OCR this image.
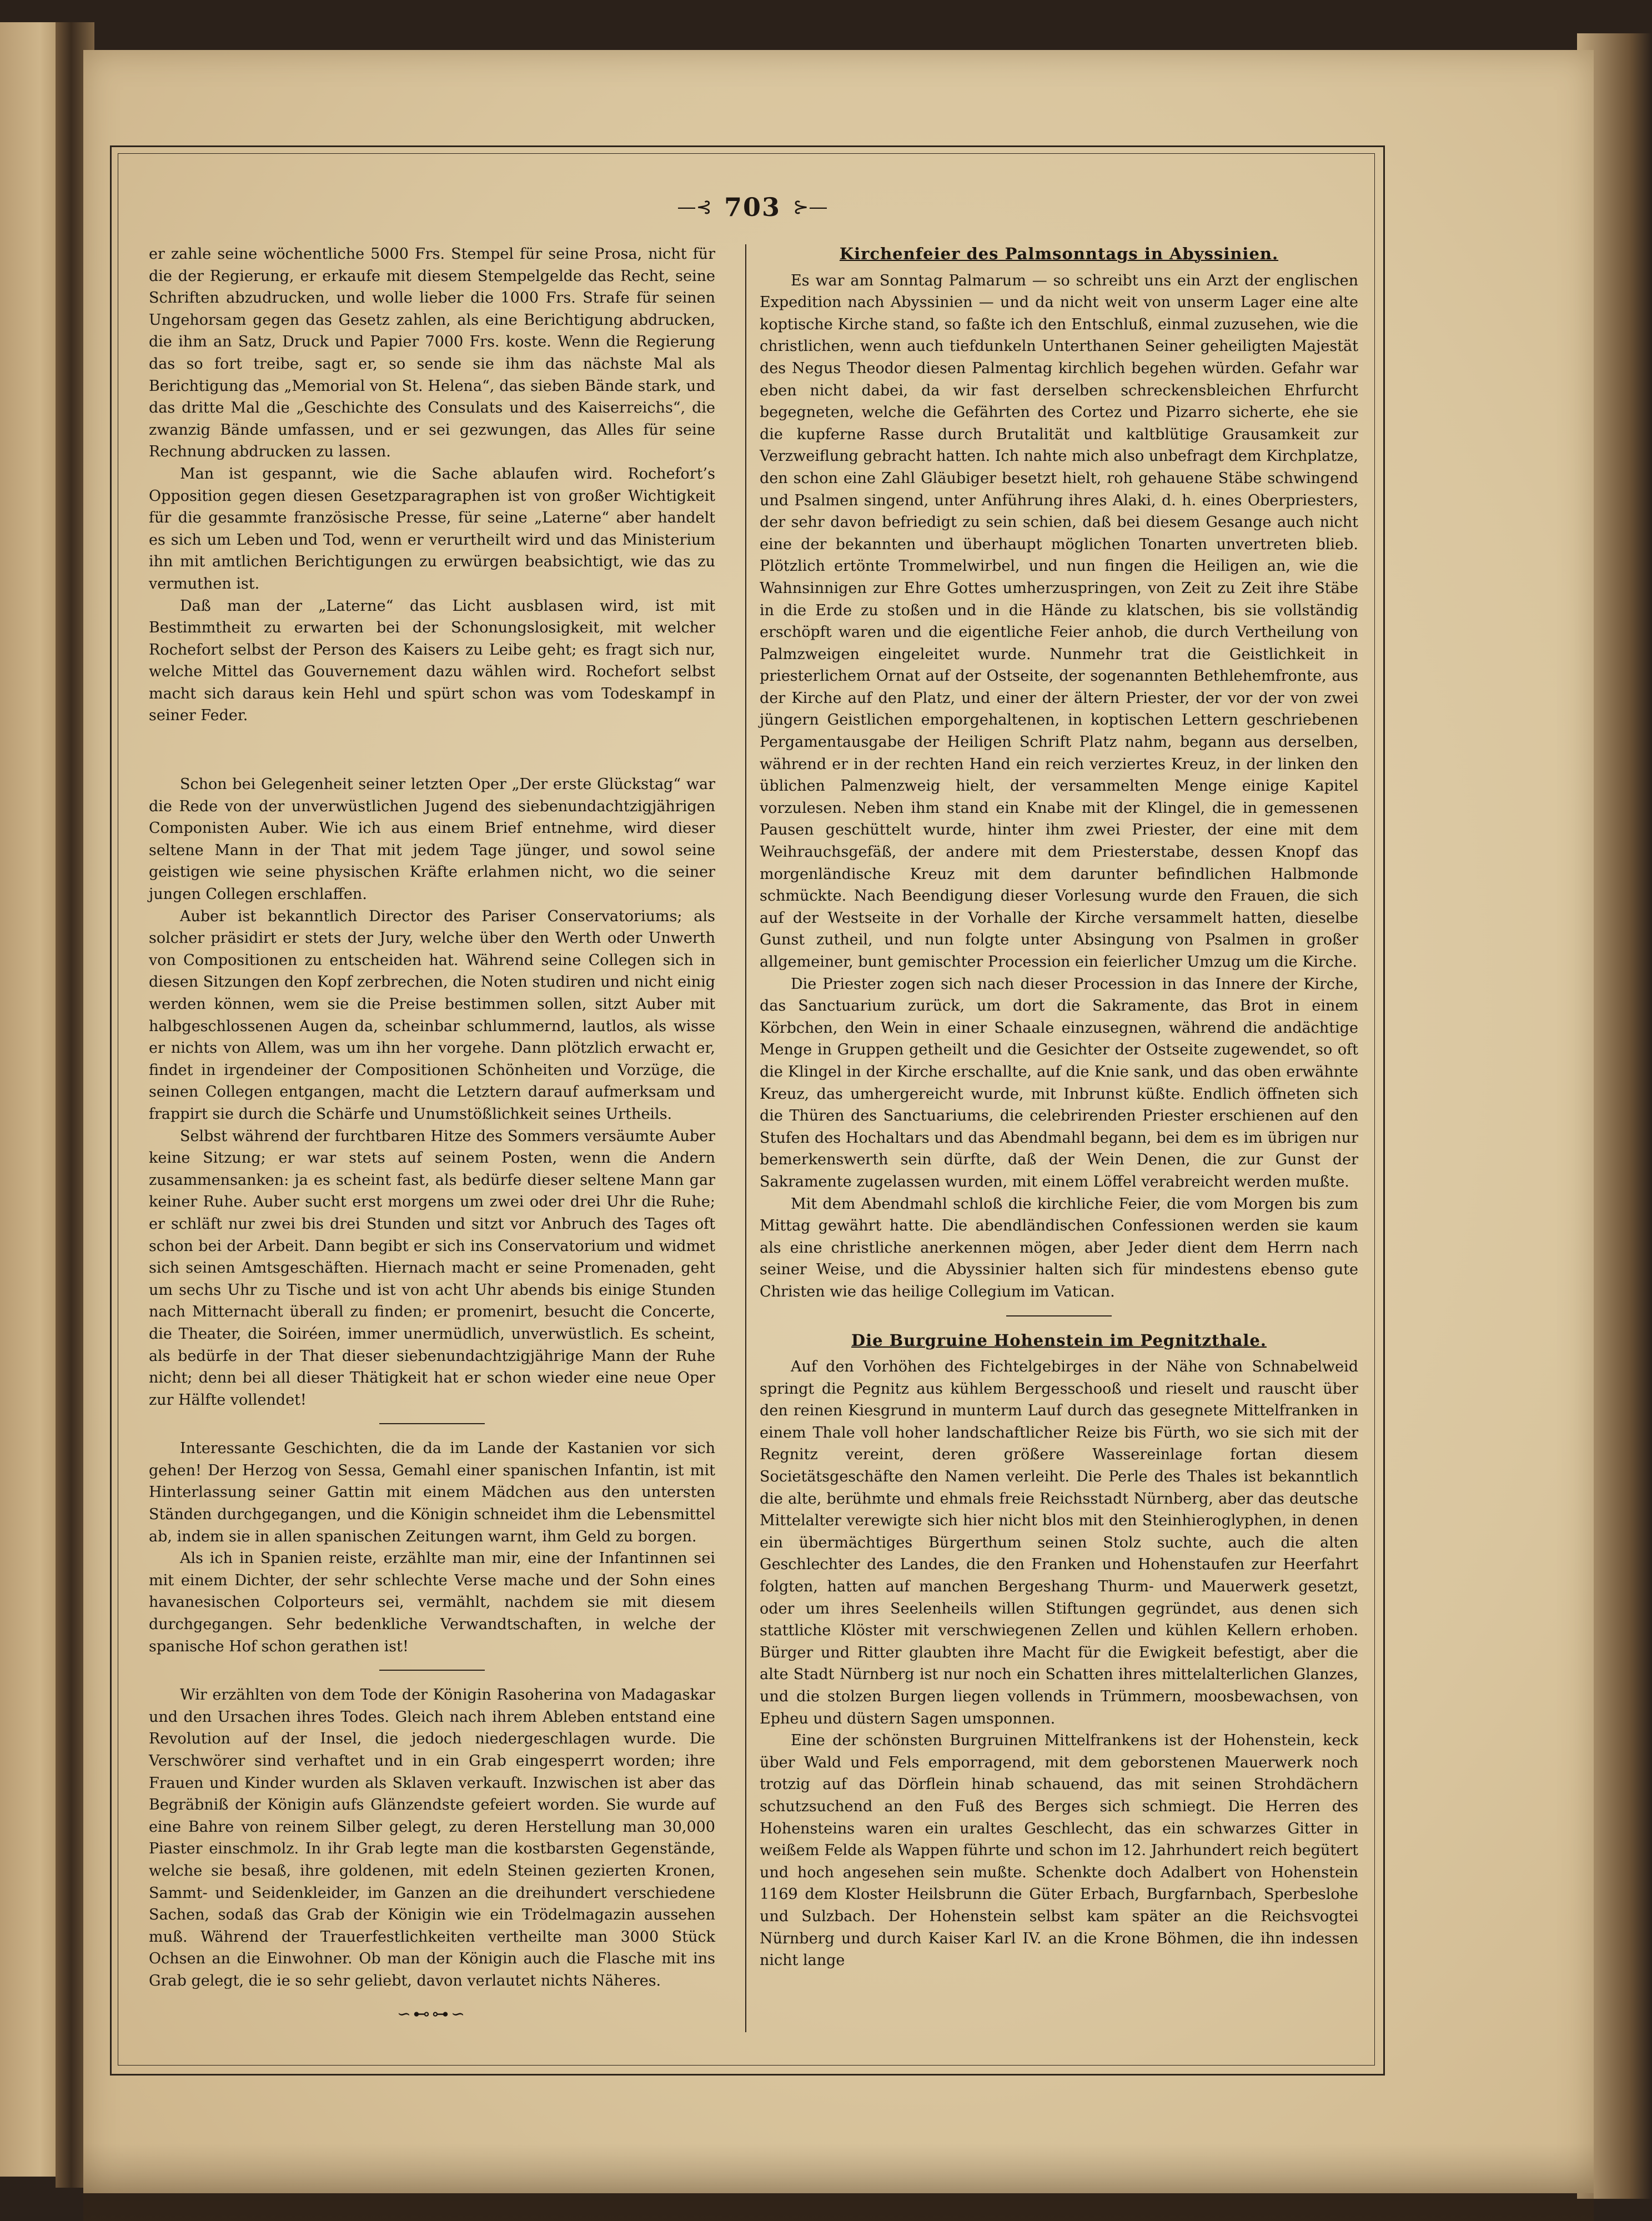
—⊰ 703 ⊱—

er zahle seine wöchentliche 5000 Frs. Stempel für seine Prosa, nicht für die der Regierung, er erkaufe mit diesem Stempelgelde das Recht, seine Schriften abzudrucken, und wolle lieber die 1000 Frs. Strafe für seinen Ungehorsam gegen das Gesetz zahlen, als eine Berichtigung abdrucken, die ihm an Satz, Druck und Papier 7000 Frs. koste. Wenn die Regierung das so fort treibe, sagt er, so sende sie ihm das nächste Mal als Berichtigung das „Memorial von St. Helena“, das sieben Bände stark, und das dritte Mal die „Geschichte des Consulats und des Kaiserreichs“, die zwanzig Bände umfassen, und er sei gezwungen, das Alles für seine Rechnung abdrucken zu lassen.

Man ist gespannt, wie die Sache ablaufen wird. Rochefort’s Opposition gegen diesen Gesetzparagraphen ist von großer Wichtigkeit für die gesammte französische Presse, für seine „Laterne“ aber handelt es sich um Leben und Tod, wenn er verurtheilt wird und das Ministerium ihn mit amtlichen Berichtigungen zu erwürgen beabsichtigt, wie das zu vermuthen ist.

Daß man der „Laterne“ das Licht ausblasen wird, ist mit Bestimmtheit zu erwarten bei der Schonungslosigkeit, mit welcher Rochefort selbst der Person des Kaisers zu Leibe geht; es fragt sich nur, welche Mittel das Gouvernement dazu wählen wird. Rochefort selbst macht sich daraus kein Hehl und spürt schon was vom Todeskampf in seiner Feder.

Schon bei Gelegenheit seiner letzten Oper „Der erste Glückstag“ war die Rede von der unverwüstlichen Jugend des siebenundachtzigjährigen Componisten Auber. Wie ich aus einem Brief entnehme, wird dieser seltene Mann in der That mit jedem Tage jünger, und sowol seine geistigen wie seine physischen Kräfte erlahmen nicht, wo die seiner jungen Collegen erschlaffen.

Auber ist bekanntlich Director des Pariser Conservatoriums; als solcher präsidirt er stets der Jury, welche über den Werth oder Unwerth von Compositionen zu entscheiden hat. Während seine Collegen sich in diesen Sitzungen den Kopf zerbrechen, die Noten studiren und nicht einig werden können, wem sie die Preise bestimmen sollen, sitzt Auber mit halbgeschlossenen Augen da, scheinbar schlummernd, lautlos, als wisse er nichts von Allem, was um ihn her vorgehe. Dann plötzlich erwacht er, findet in irgendeiner der Compositionen Schönheiten und Vorzüge, die seinen Collegen entgangen, macht die Letztern darauf aufmerksam und frappirt sie durch die Schärfe und Unumstößlichkeit seines Urtheils.

Selbst während der furchtbaren Hitze des Sommers versäumte Auber keine Sitzung; er war stets auf seinem Posten, wenn die Andern zusammensanken: ja es scheint fast, als bedürfe dieser seltene Mann gar keiner Ruhe. Auber sucht erst morgens um zwei oder drei Uhr die Ruhe; er schläft nur zwei bis drei Stunden und sitzt vor Anbruch des Tages oft schon bei der Arbeit. Dann begibt er sich ins Conservatorium und widmet sich seinen Amtsgeschäften. Hiernach macht er seine Promenaden, geht um sechs Uhr zu Tische und ist von acht Uhr abends bis einige Stunden nach Mitternacht überall zu finden; er promenirt, besucht die Concerte, die Theater, die Soiréen, immer unermüdlich, unverwüstlich. Es scheint, als bedürfe in der That dieser siebenundachtzigjährige Mann der Ruhe nicht; denn bei all dieser Thätigkeit hat er schon wieder eine neue Oper zur Hälfte vollendet!

Interessante Geschichten, die da im Lande der Kastanien vor sich gehen! Der Herzog von Sessa, Gemahl einer spanischen Infantin, ist mit Hinterlassung seiner Gattin mit einem Mädchen aus den untersten Ständen durchgegangen, und die Königin schneidet ihm die Lebensmittel ab, indem sie in allen spanischen Zeitungen warnt, ihm Geld zu borgen.

Als ich in Spanien reiste, erzählte man mir, eine der Infantinnen sei mit einem Dichter, der sehr schlechte Verse mache und der Sohn eines havanesischen Colporteurs sei, vermählt, nachdem sie mit diesem durchgegangen. Sehr bedenkliche Verwandtschaften, in welche der spanische Hof schon gerathen ist!

Wir erzählten von dem Tode der Königin Rasoherina von Madagaskar und den Ursachen ihres Todes. Gleich nach ihrem Ableben entstand eine Revolution auf der Insel, die jedoch niedergeschlagen wurde. Die Verschwörer sind verhaftet und in ein Grab eingesperrt worden; ihre Frauen und Kinder wurden als Sklaven verkauft. Inzwischen ist aber das Begräbniß der Königin aufs Glänzendste gefeiert worden. Sie wurde auf eine Bahre von reinem Silber gelegt, zu deren Herstellung man 30,000 Piaster einschmolz. In ihr Grab legte man die kostbarsten Gegenstände, welche sie besaß, ihre goldenen, mit edeln Steinen gezierten Kronen, Sammt- und Seidenkleider, im Ganzen an die dreihundert verschiedene Sachen, sodaß das Grab der Königin wie ein Trödelmagazin aussehen muß. Während der Trauerfestlichkeiten vertheilte man 3000 Stück Ochsen an die Einwohner. Ob man der Königin auch die Flasche mit ins Grab gelegt, die ie so sehr geliebt, davon verlautet nichts Näheres.

∽⊷⊶∽
Kirchenfeier des Palmsonntags in Abyssinien.

Es war am Sonntag Palmarum — so schreibt uns ein Arzt der englischen Expedition nach Abyssinien — und da nicht weit von unserm Lager eine alte koptische Kirche stand, so faßte ich den Entschluß, einmal zuzusehen, wie die christlichen, wenn auch tiefdunkeln Unterthanen Seiner geheiligten Majestät des Negus Theodor diesen Palmentag kirchlich begehen würden. Gefahr war eben nicht dabei, da wir fast derselben schreckensbleichen Ehrfurcht begegneten, welche die Gefährten des Cortez und Pizarro sicherte, ehe sie die kupferne Rasse durch Brutalität und kaltblütige Grausamkeit zur Verzweiflung gebracht hatten. Ich nahte mich also unbefragt dem Kirchplatze, den schon eine Zahl Gläubiger besetzt hielt, roh gehauene Stäbe schwingend und Psalmen singend, unter Anführung ihres Alaki, d. h. eines Oberpriesters, der sehr davon befriedigt zu sein schien, daß bei diesem Gesange auch nicht eine der bekannten und überhaupt möglichen Tonarten unvertreten blieb. Plötzlich ertönte Trommelwirbel, und nun fingen die Heiligen an, wie die Wahnsinnigen zur Ehre Gottes umherzuspringen, von Zeit zu Zeit ihre Stäbe in die Erde zu stoßen und in die Hände zu klatschen, bis sie vollständig erschöpft waren und die eigentliche Feier anhob, die durch Vertheilung von Palmzweigen eingeleitet wurde. Nunmehr trat die Geistlichkeit in priesterlichem Ornat auf der Ostseite, der sogenannten Bethlehemfronte, aus der Kirche auf den Platz, und einer der ältern Priester, der vor der von zwei jüngern Geistlichen emporgehaltenen, in koptischen Lettern geschriebenen Pergamentausgabe der Heiligen Schrift Platz nahm, begann aus derselben, während er in der rechten Hand ein reich verziertes Kreuz, in der linken den üblichen Palmenzweig hielt, der versammelten Menge einige Kapitel vorzulesen. Neben ihm stand ein Knabe mit der Klingel, die in gemessenen Pausen geschüttelt wurde, hinter ihm zwei Priester, der eine mit dem Weihrauchsgefäß, der andere mit dem Priesterstabe, dessen Knopf das morgenländische Kreuz mit dem darunter befindlichen Halbmonde schmückte. Nach Beendigung dieser Vorlesung wurde den Frauen, die sich auf der Westseite in der Vorhalle der Kirche versammelt hatten, dieselbe Gunst zutheil, und nun folgte unter Absingung von Psalmen in großer allgemeiner, bunt gemischter Procession ein feierlicher Umzug um die Kirche.

Die Priester zogen sich nach dieser Procession in das Innere der Kirche, das Sanctuarium zurück, um dort die Sakramente, das Brot in einem Körbchen, den Wein in einer Schaale einzusegnen, während die andächtige Menge in Gruppen getheilt und die Gesichter der Ostseite zugewendet, so oft die Klingel in der Kirche erschallte, auf die Knie sank, und das oben erwähnte Kreuz, das umhergereicht wurde, mit Inbrunst küßte. Endlich öffneten sich die Thüren des Sanctuariums, die celebrirenden Priester erschienen auf den Stufen des Hochaltars und das Abendmahl begann, bei dem es im übrigen nur bemerkenswerth sein dürfte, daß der Wein Denen, die zur Gunst der Sakramente zugelassen wurden, mit einem Löffel verabreicht werden mußte.

Mit dem Abendmahl schloß die kirchliche Feier, die vom Morgen bis zum Mittag gewährt hatte. Die abendländischen Confessionen werden sie kaum als eine christliche anerkennen mögen, aber Jeder dient dem Herrn nach seiner Weise, und die Abyssinier halten sich für mindestens ebenso gute Christen wie das heilige Collegium im Vatican.

Die Burgruine Hohenstein im Pegnitzthale.

Auf den Vorhöhen des Fichtelgebirges in der Nähe von Schnabelweid springt die Pegnitz aus kühlem Bergesschooß und rieselt und rauscht über den reinen Kiesgrund in munterm Lauf durch das gesegnete Mittelfranken in einem Thale voll hoher landschaftlicher Reize bis Fürth, wo sie sich mit der Regnitz vereint, deren größere Wassereinlage fortan diesem Societätsgeschäfte den Namen verleiht. Die Perle des Thales ist bekanntlich die alte, berühmte und ehmals freie Reichsstadt Nürnberg, aber das deutsche Mittelalter verewigte sich hier nicht blos mit den Steinhieroglyphen, in denen ein übermächtiges Bürgerthum seinen Stolz suchte, auch die alten Geschlechter des Landes, die den Franken und Hohenstaufen zur Heerfahrt folgten, hatten auf manchen Bergeshang Thurm- und Mauerwerk gesetzt, oder um ihres Seelenheils willen Stiftungen gegründet, aus denen sich stattliche Klöster mit verschwiegenen Zellen und kühlen Kellern erhoben. Bürger und Ritter glaubten ihre Macht für die Ewigkeit befestigt, aber die alte Stadt Nürnberg ist nur noch ein Schatten ihres mittelalterlichen Glanzes, und die stolzen Burgen liegen vollends in Trümmern, moosbewachsen, von Epheu und düstern Sagen umsponnen.

Eine der schönsten Burgruinen Mittelfrankens ist der Hohenstein, keck über Wald und Fels emporragend, mit dem geborstenen Mauerwerk noch trotzig auf das Dörflein hinab schauend, das mit seinen Strohdächern schutzsuchend an den Fuß des Berges sich schmiegt. Die Herren des Hohensteins waren ein uraltes Geschlecht, das ein schwarzes Gitter in weißem Felde als Wappen führte und schon im 12. Jahrhundert reich begütert und hoch angesehen sein mußte. Schenkte doch Adalbert von Hohenstein 1169 dem Kloster Heilsbrunn die Güter Erbach, Burgfarnbach, Sperbeslohe und Sulzbach. Der Hohenstein selbst kam später an die Reichsvogtei Nürnberg und durch Kaiser Karl IV. an die Krone Böhmen, die ihn indessen nicht lange
